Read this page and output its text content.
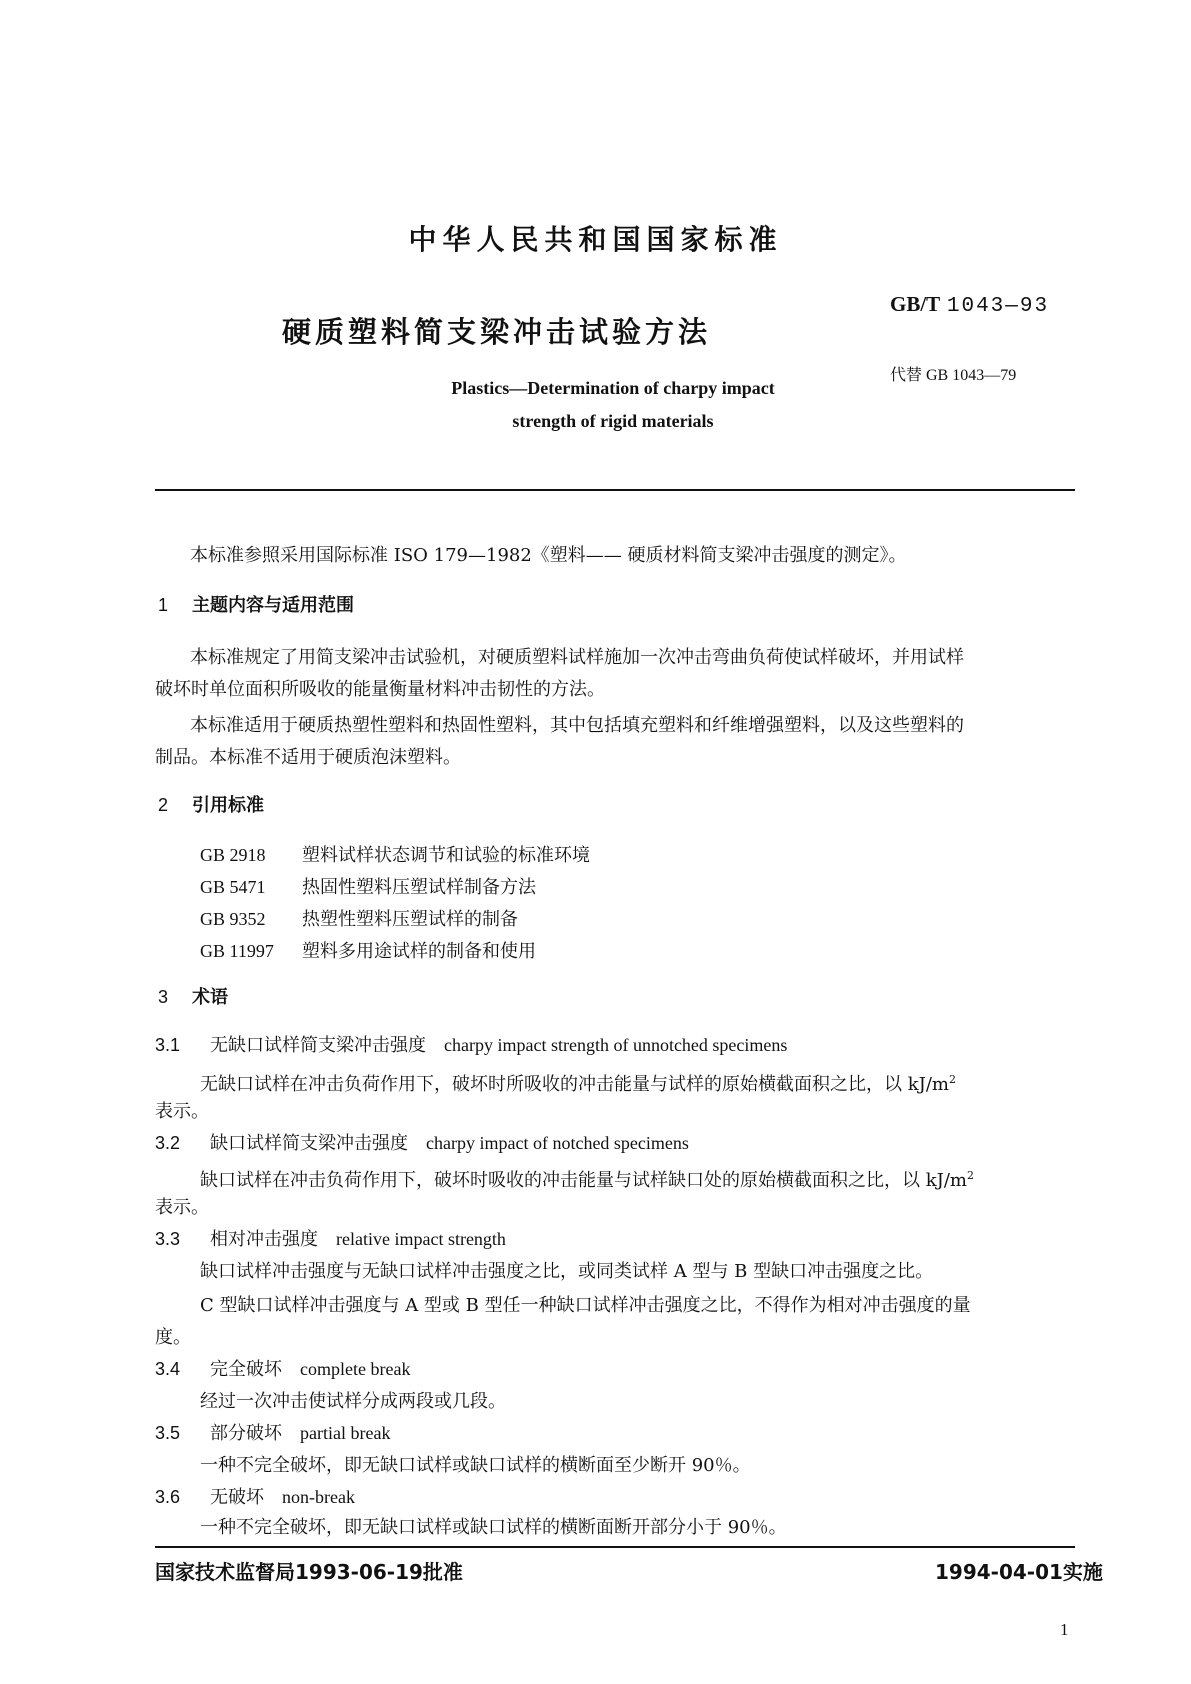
中华人民共和国国家标准
硬质塑料简支梁冲击试验方法
GB/T 1043—93
代替 GB 1043—79
Plastics—Determination of charpy impact
strength of rigid materials
本标准参照采用国际标准 ISO 179—1982《塑料—— 硬质材料简支梁冲击强度的测定》。
1 主题内容与适用范围
本标准规定了用简支梁冲击试验机，对硬质塑料试样施加一次冲击弯曲负荷使试样破坏，并用试样
破坏时单位面积所吸收的能量衡量材料冲击韧性的方法。
本标准适用于硬质热塑性塑料和热固性塑料，其中包括填充塑料和纤维增强塑料，以及这些塑料的
制品。本标准不适用于硬质泡沫塑料。
2 引用标准
GB 2918 塑料试样状态调节和试验的标准环境
GB 5471 热固性塑料压塑试样制备方法
GB 9352 热塑性塑料压塑试样的制备
GB 11997 塑料多用途试样的制备和使用
3 术语
3.1 无缺口试样简支梁冲击强度 charpy impact strength of unnotched specimens
无缺口试样在冲击负荷作用下，破坏时所吸收的冲击能量与试样的原始横截面积之比，以 $kJ/m^2$
表示。
3.2 缺口试样简支梁冲击强度 charpy impact of notched specimens
缺口试样在冲击负荷作用下，破坏时吸收的冲击能量与试样缺口处的原始横截面积之比，以 $kJ/m^2$
表示。
3.3 相对冲击强度 relative impact strength
缺口试样冲击强度与无缺口试样冲击强度之比，或同类试样 A 型与 B 型缺口冲击强度之比。
C 型缺口试样冲击强度与 A 型或 B 型任一种缺口试样冲击强度之比，不得作为相对冲击强度的量
度。
3.4 完全破坏 complete break
经过一次冲击使试样分成两段或几段。
3.5 部分破坏 partial break
一种不完全破坏，即无缺口试样或缺口试样的横断面至少断开 90％。
3.6 无破坏 non-break
一种不完全破坏，即无缺口试样或缺口试样的横断面断开部分小于 90％。
国家技术监督局1993-06-19批准	1994-04-01实施
1
